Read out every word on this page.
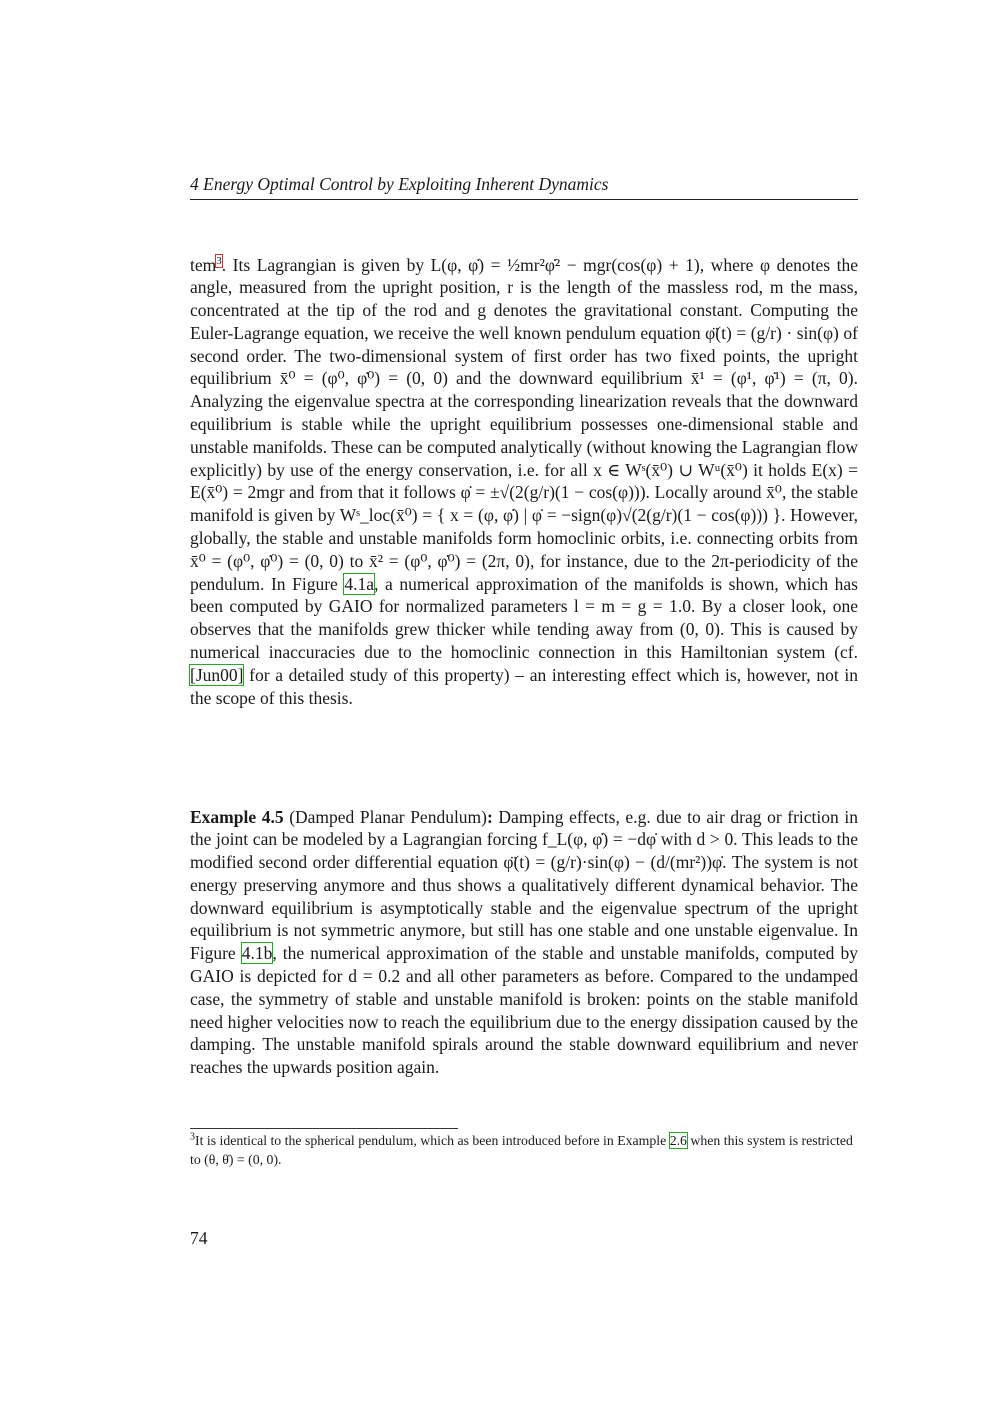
4 Energy Optimal Control by Exploiting Inherent Dynamics

tem$^3$. Its Lagrangian is given by L(φ, φ̇) = ½mr²φ̇² − mgr(cos(φ) + 1), where φ denotes the angle, measured from the upright position, r is the length of the massless rod, m the mass, concentrated at the tip of the rod and g denotes the gravitational constant. Computing the Euler-Lagrange equation, we receive the well known pendulum equation φ̈(t) = (g/r) · sin(φ) of second order. The two-dimensional system of first order has two fixed points, the upright equilibrium x̄⁰ = (φ⁰, φ̇⁰) = (0, 0) and the downward equilibrium x̄¹ = (φ¹, φ̇¹) = (π, 0). Analyzing the eigenvalue spectra at the corresponding linearization reveals that the downward equilibrium is stable while the upright equilibrium possesses one-dimensional stable and unstable manifolds. These can be computed analytically (without knowing the Lagrangian flow explicitly) by use of the energy conservation, i.e. for all x ∈ Wˢ(x̄⁰) ∪ Wᵘ(x̄⁰) it holds E(x) = E(x̄⁰) = 2mgr and from that it follows φ̇ = ±√(2(g/r)(1 − cos(φ))). Locally around x̄⁰, the stable manifold is given by Wˢ_loc(x̄⁰) = { x = (φ, φ̇) | φ̇ = −sign(φ)√(2(g/r)(1 − cos(φ))) }. However, globally, the stable and unstable manifolds form homoclinic orbits, i.e. connecting orbits from x̄⁰ = (φ⁰, φ̇⁰) = (0, 0) to x̄² = (φ⁰, φ̇⁰) = (2π, 0), for instance, due to the 2π-periodicity of the pendulum. In Figure 4.1a, a numerical approximation of the manifolds is shown, which has been computed by GAIO for normalized parameters l = m = g = 1.0. By a closer look, one observes that the manifolds grew thicker while tending away from (0, 0). This is caused by numerical inaccuracies due to the homoclinic connection in this Hamiltonian system (cf. [Jun00] for a detailed study of this property) – an interesting effect which is, however, not in the scope of this thesis.

Example 4.5 (Damped Planar Pendulum): Damping effects, e.g. due to air drag or friction in the joint can be modeled by a Lagrangian forcing f_L(φ, φ̇) = −dφ̇ with d > 0. This leads to the modified second order differential equation φ̈(t) = (g/r)·sin(φ) − (d/(mr²))φ̇. The system is not energy preserving anymore and thus shows a qualitatively different dynamical behavior. The downward equilibrium is asymptotically stable and the eigenvalue spectrum of the upright equilibrium is not symmetric anymore, but still has one stable and one unstable eigenvalue. In Figure 4.1b, the numerical approximation of the stable and unstable manifolds, computed by GAIO is depicted for d = 0.2 and all other parameters as before. Compared to the undamped case, the symmetry of stable and unstable manifold is broken: points on the stable manifold need higher velocities now to reach the equilibrium due to the energy dissipation caused by the damping. The unstable manifold spirals around the stable downward equilibrium and never reaches the upwards position again.

$^3$It is identical to the spherical pendulum, which as been introduced before in Example 2.6 when this system is restricted to (θ, θ̇) = (0, 0).
74
